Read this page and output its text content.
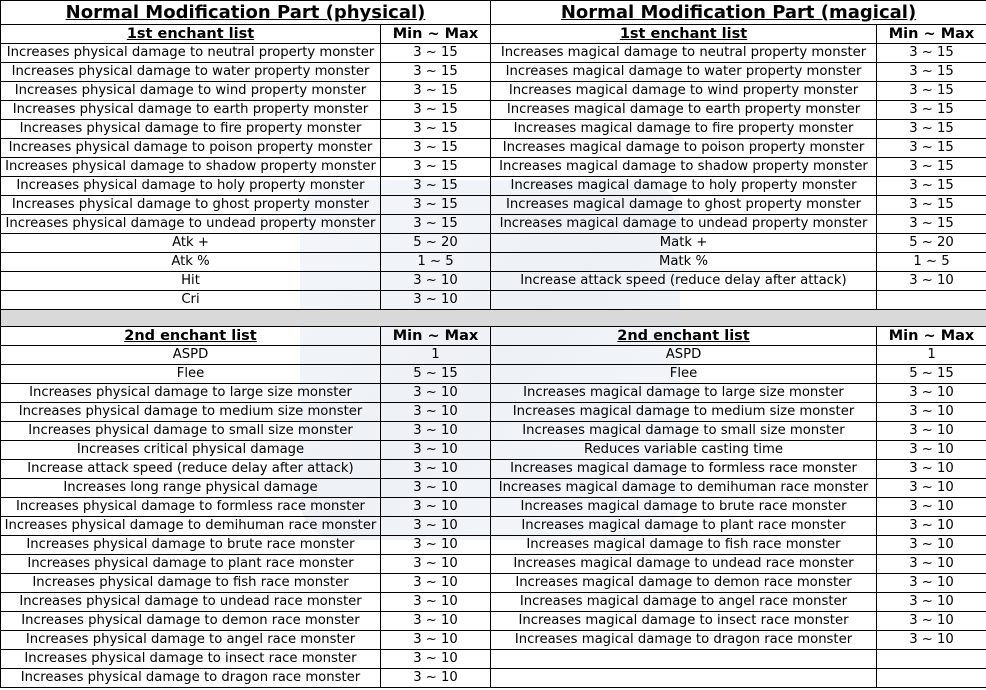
Normal Modification Part (physical)		Normal Modification Part (magical)	
1st enchant list	Min ~ Max	1st enchant list	Min ~ Max
Increases physical damage to neutral property monster	3 ~ 15	Increases magical damage to neutral property monster	3 ~ 15
Increases physical damage to water property monster	3 ~ 15	Increases magical damage to water property monster	3 ~ 15
Increases physical damage to wind property monster	3 ~ 15	Increases magical damage to wind property monster	3 ~ 15
Increases physical damage to earth property monster	3 ~ 15	Increases magical damage to earth property monster	3 ~ 15
Increases physical damage to fire property monster	3 ~ 15	Increases magical damage to fire property monster	3 ~ 15
Increases physical damage to poison property monster	3 ~ 15	Increases magical damage to poison property monster	3 ~ 15
Increases physical damage to shadow property monster	3 ~ 15	Increases magical damage to shadow property monster	3 ~ 15
Increases physical damage to holy property monster	3 ~ 15	Increases magical damage to holy property monster	3 ~ 15
Increases physical damage to ghost property monster	3 ~ 15	Increases magical damage to ghost property monster	3 ~ 15
Increases physical damage to undead property monster	3 ~ 15	Increases magical damage to undead property monster	3 ~ 15
Atk +	5 ~ 20	Matk +	5 ~ 20
Atk %	1 ~ 5	Matk %	1 ~ 5
Hit	3 ~ 10	Increase attack speed (reduce delay after attack)	3 ~ 10
Cri	3 ~ 10		

2nd enchant list	Min ~ Max	2nd enchant list	Min ~ Max
ASPD	1	ASPD	1
Flee	5 ~ 15	Flee	5 ~ 15
Increases physical damage to large size monster	3 ~ 10	Increases magical damage to large size monster	3 ~ 10
Increases physical damage to medium size monster	3 ~ 10	Increases magical damage to medium size monster	3 ~ 10
Increases physical damage to small size monster	3 ~ 10	Increases magical damage to small size monster	3 ~ 10
Increases critical physical damage	3 ~ 10	Reduces variable casting time	3 ~ 10
Increase attack speed (reduce delay after attack)	3 ~ 10	Increases magical damage to formless race monster	3 ~ 10
Increases long range physical damage	3 ~ 10	Increases magical damage to demihuman race monster	3 ~ 10
Increases physical damage to formless race monster	3 ~ 10	Increases magical damage to brute race monster	3 ~ 10
Increases physical damage to demihuman race monster	3 ~ 10	Increases magical damage to plant race monster	3 ~ 10
Increases physical damage to brute race monster	3 ~ 10	Increases magical damage to fish race monster	3 ~ 10
Increases physical damage to plant race monster	3 ~ 10	Increases magical damage to undead race monster	3 ~ 10
Increases physical damage to fish race monster	3 ~ 10	Increases magical damage to demon race monster	3 ~ 10
Increases physical damage to undead race monster	3 ~ 10	Increases magical damage to angel race monster	3 ~ 10
Increases physical damage to demon race monster	3 ~ 10	Increases magical damage to insect race monster	3 ~ 10
Increases physical damage to angel race monster	3 ~ 10	Increases magical damage to dragon race monster	3 ~ 10
Increases physical damage to insect race monster	3 ~ 10		
Increases physical damage to dragon race monster	3 ~ 10		
